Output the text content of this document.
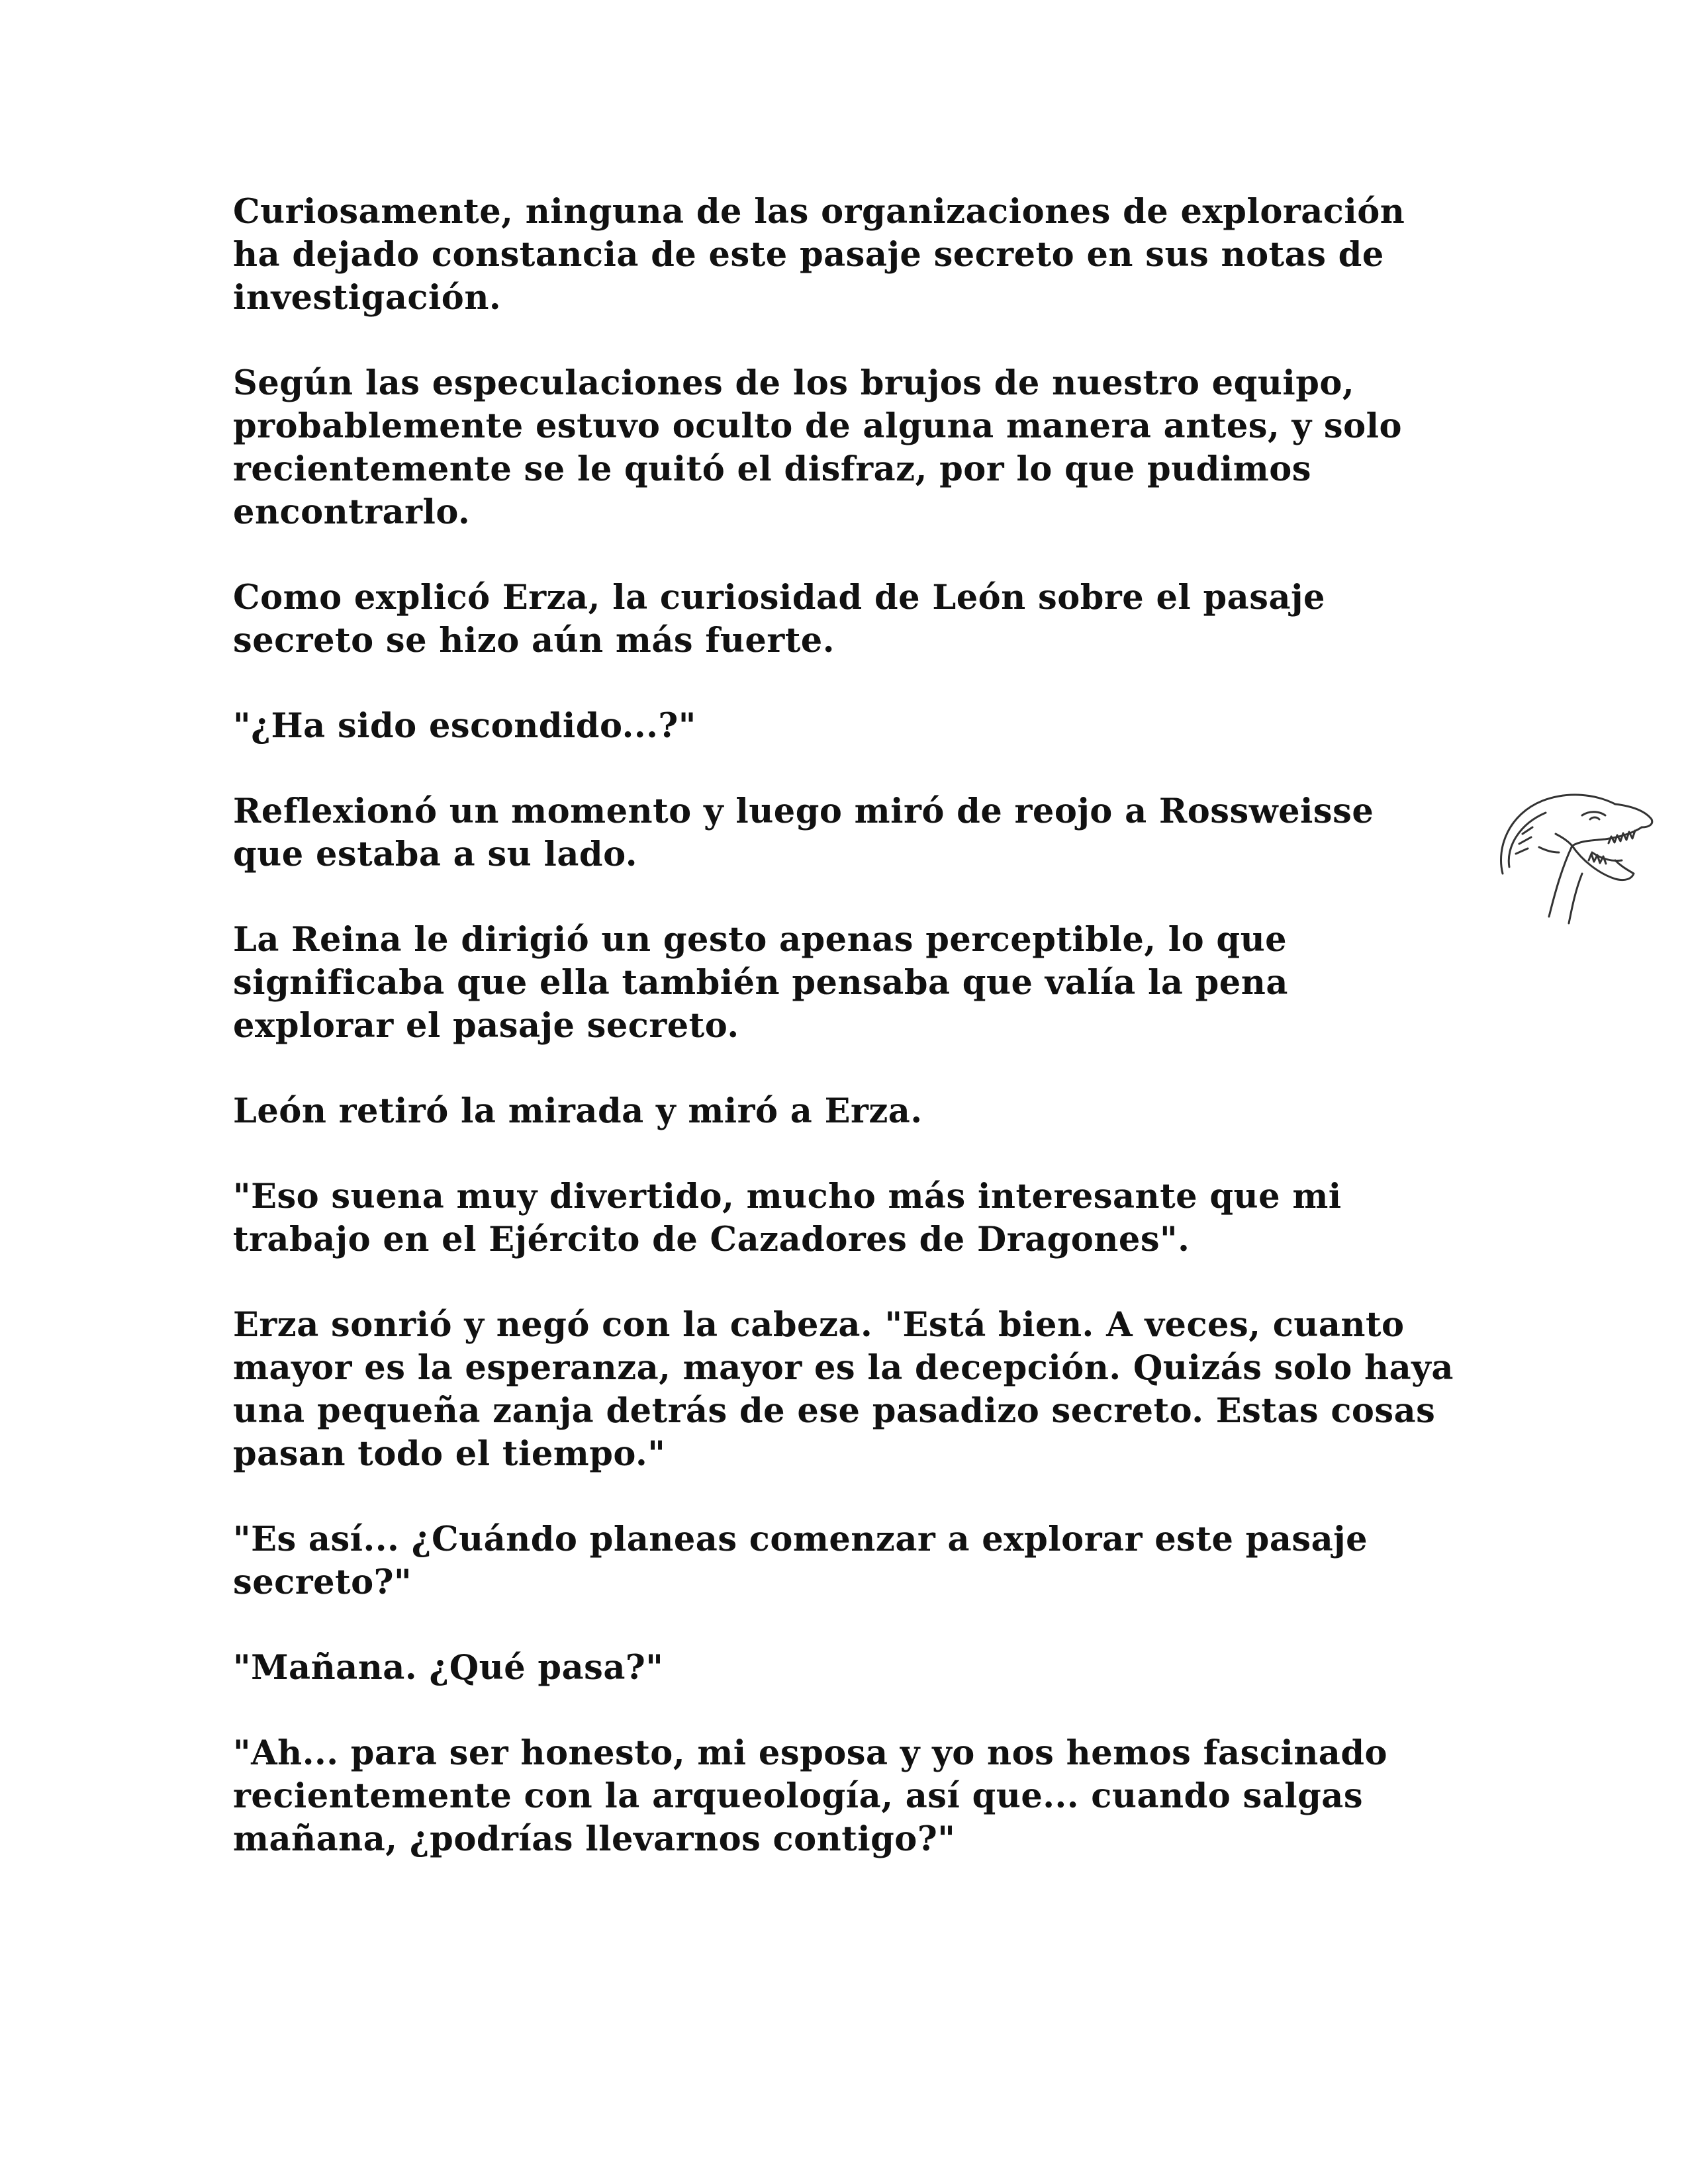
Curiosamente, ninguna de las organizaciones de exploración
ha dejado constancia de este pasaje secreto en sus notas de
investigación.

Según las especulaciones de los brujos de nuestro equipo,
probablemente estuvo oculto de alguna manera antes, y solo
recientemente se le quitó el disfraz, por lo que pudimos
encontrarlo.

Como explicó Erza, la curiosidad de León sobre el pasaje
secreto se hizo aún más fuerte.

"¿Ha sido escondido...?"

Reflexionó un momento y luego miró de reojo a Rossweisse
que estaba a su lado.

La Reina le dirigió un gesto apenas perceptible, lo que
significaba que ella también pensaba que valía la pena
explorar el pasaje secreto.

León retiró la mirada y miró a Erza.

"Eso suena muy divertido, mucho más interesante que mi
trabajo en el Ejército de Cazadores de Dragones".

Erza sonrió y negó con la cabeza. "Está bien. A veces, cuanto
mayor es la esperanza, mayor es la decepción. Quizás solo haya
una pequeña zanja detrás de ese pasadizo secreto. Estas cosas
pasan todo el tiempo."

"Es así... ¿Cuándo planeas comenzar a explorar este pasaje
secreto?"

"Mañana. ¿Qué pasa?"

"Ah... para ser honesto, mi esposa y yo nos hemos fascinado
recientemente con la arqueología, así que... cuando salgas
mañana, ¿podrías llevarnos contigo?"
